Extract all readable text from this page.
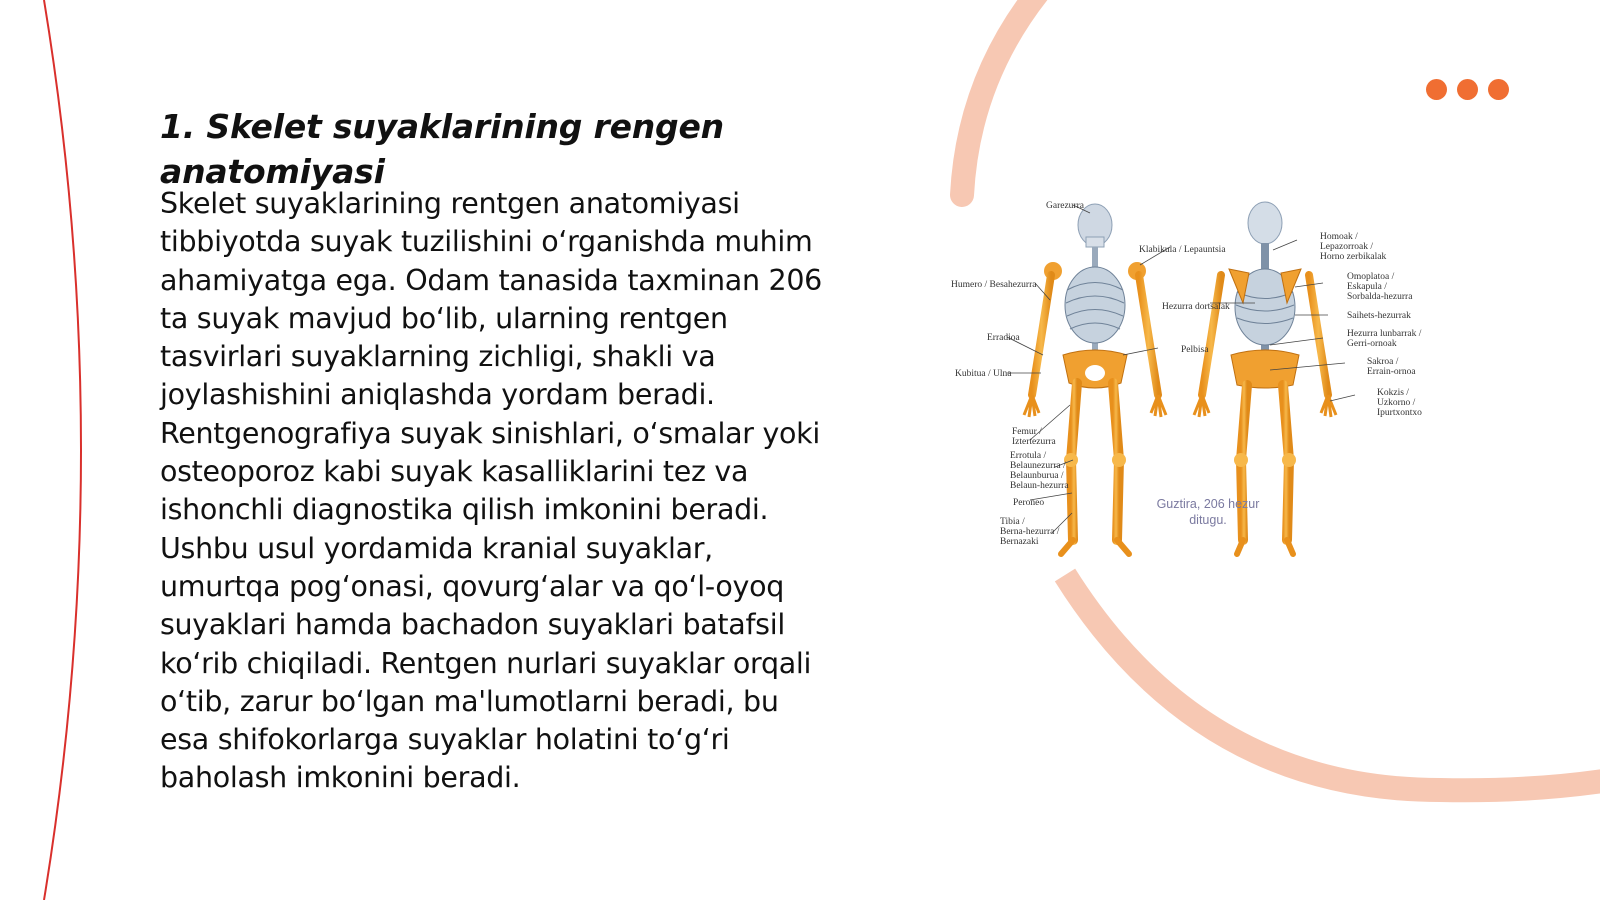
1. Skelet suyaklarining rengen anatomiyasi

Skelet suyaklarining rentgen anatomiyasi tibbiyotda suyak tuzilishini o‘rganishda muhim ahamiyatga ega. Odam tanasida taxminan 206 ta suyak mavjud bo‘lib, ularning rentgen tasvirlari suyaklarning zichligi, shakli va joylashishini aniqlashda yordam beradi. Rentgenografiya suyak sinishlari, o‘smalar yoki osteoporoz kabi suyak kasalliklarini tez va ishonchli diagnostika qilish imkonini beradi. Ushbu usul yordamida kranial suyaklar, umurtqa pog‘onasi, qovurg‘alar va qo‘l-oyoq suyaklari hamda bachadon suyaklari batafsil ko‘rib chiqiladi. Rentgen nurlari suyaklar orqali o‘tib, zarur bo‘lgan ma'lumotlarni beradi, bu esa shifokorlarga suyaklar holatini to‘g‘ri baholash imkonini beradi.

Garezurra
Klabikula / Lepauntsia
Humero / Besahezurra
Hezurra dortsalak
Erradioa
Pelbisa
Kubitua / Ulna
Femur /
Iztertezurra
Errotula /
Belaunezurra /
Belaunburua /
Belaun-hezurra
Peroneo
Tibia /
Berna-hezurra /
Bernazaki
Homoak /
Lepazorroak /
Horno zerbikalak
Omoplatoa /
Eskapula /
Sorbalda-hezurra
Saihets-hezurrak
Hezurra lunbarrak /
Gerri-ornoak
Sakroa /
Errain-ornoa
Kokzis /
Uzkorno /
Ipurtxontxo
Guztira, 206 hezur
ditugu.
